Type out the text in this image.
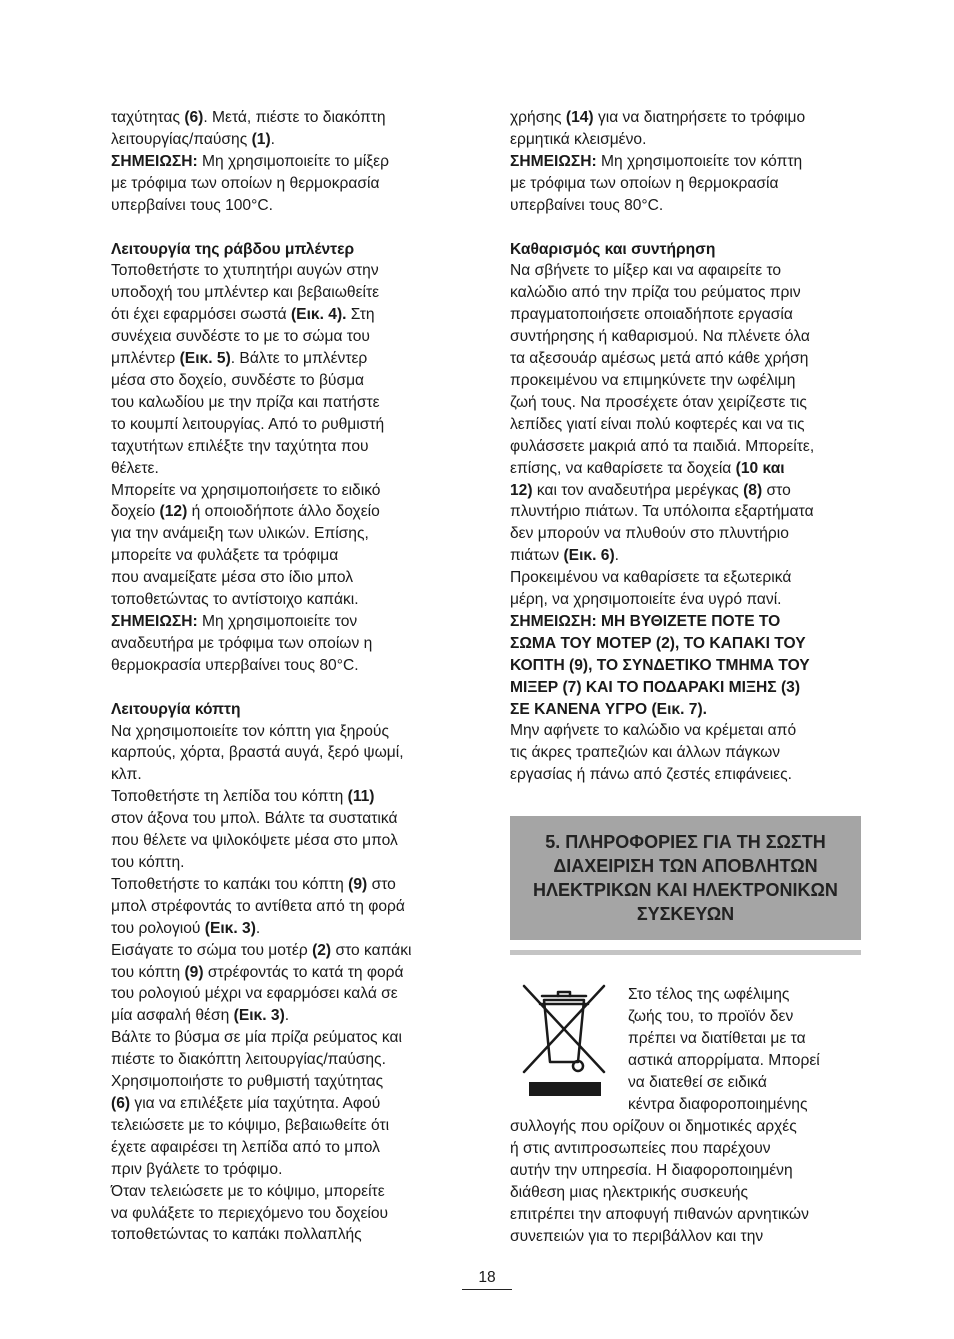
ταχύτητας (6). Μετά, πιέστε το διακόπτη
λειτουργίας/παύσης (1).
ΣΗΜΕΙΩΣΗ: Μη χρησιμοποιείτε το μίξερ
με τρόφιμα των οποίων η θερμοκρασία
υπερβαίνει τους 100°C.

Λειτουργία της ράβδου μπλέντερ

Τοποθετήστε το χτυπητήρι αυγών στην
υποδοχή του μπλέντερ και βεβαιωθείτε
ότι έχει εφαρμόσει σωστά (Εικ. 4). Στη
συνέχεια συνδέστε το με το σώμα του
μπλέντερ (Εικ. 5). Βάλτε το μπλέντερ
μέσα στο δοχείο, συνδέστε το βύσμα
του καλωδίου με την πρίζα και πατήστε
το κουμπί λειτουργίας. Από το ρυθμιστή
ταχυτήτων επιλέξτε την ταχύτητα που
θέλετε.
Μπορείτε να χρησιμοποιήσετε το ειδικό
δοχείο (12) ή οποιοδήποτε άλλο δοχείο
για την ανάμειξη των υλικών. Επίσης,
μπορείτε να φυλάξετε τα τρόφιμα
που αναμείξατε μέσα στο ίδιο μπολ
τοποθετώντας το αντίστοιχο καπάκι.
ΣΗΜΕΙΩΣΗ: Μη χρησιμοποιείτε τον
αναδευτήρα με τρόφιμα των οποίων η
θερμοκρασία υπερβαίνει τους 80°C.

Λειτουργία κόπτη

Να χρησιμοποιείτε τον κόπτη για ξηρούς
καρπούς, χόρτα, βραστά αυγά, ξερό ψωμί,
κλπ.
Τοποθετήστε τη λεπίδα του κόπτη (11)
στον άξονα του μπολ. Βάλτε τα συστατικά
που θέλετε να ψιλοκόψετε μέσα στο μπολ
του κόπτη.
Τοποθετήστε το καπάκι του κόπτη (9) στο
μπολ στρέφοντάς το αντίθετα από τη φορά
του ρολογιού (Εικ. 3).
Εισάγατε το σώμα του μοτέρ (2) στο καπάκι
του κόπτη (9) στρέφοντάς το κατά τη φορά
του ρολογιού μέχρι να εφαρμόσει καλά σε
μία ασφαλή θέση (Εικ. 3).
Βάλτε το βύσμα σε μία πρίζα ρεύματος και
πιέστε το διακόπτη λειτουργίας/παύσης.
Χρησιμοποιήστε το ρυθμιστή ταχύτητας
(6) για να επιλέξετε μία ταχύτητα. Αφού
τελειώσετε με το κόψιμο, βεβαιωθείτε ότι
έχετε αφαιρέσει τη λεπίδα από το μπολ
πριν βγάλετε το τρόφιμο.
Όταν τελειώσετε με το κόψιμο, μπορείτε
να φυλάξετε το περιεχόμενο του δοχείου
τοποθετώντας το καπάκι πολλαπλής

χρήσης (14) για να διατηρήσετε το τρόφιμο
ερμητικά κλεισμένο.
ΣΗΜΕΙΩΣΗ: Μη χρησιμοποιείτε τον κόπτη
με τρόφιμα των οποίων η θερμοκρασία
υπερβαίνει τους 80°C.

Καθαρισμός και συντήρηση

Να σβήνετε το μίξερ και να αφαιρείτε το
καλώδιο από την πρίζα του ρεύματος πριν
πραγματοποιήσετε οποιαδήποτε εργασία
συντήρησης ή καθαρισμού. Να πλένετε όλα
τα αξεσουάρ αμέσως μετά από κάθε χρήση
προκειμένου να επιμηκύνετε την ωφέλιμη
ζωή τους. Να προσέχετε όταν χειρίζεστε τις
λεπίδες γιατί είναι πολύ κοφτερές και να τις
φυλάσσετε μακριά από τα παιδιά. Μπορείτε,
επίσης, να καθαρίσετε τα δοχεία (10 και
12) και τον αναδευτήρα μερέγκας (8) στο
πλυντήριο πιάτων. Τα υπόλοιπα εξαρτήματα
δεν μπορούν να πλυθούν στο πλυντήριο
πιάτων (Εικ. 6).
Προκειμένου να καθαρίσετε τα εξωτερικά
μέρη, να χρησιμοποιείτε ένα υγρό πανί.
ΣΗΜΕΙΩΣΗ: ΜΗ ΒΥΘΙΖΕΤΕ ΠΟΤΕ ΤΟ
ΣΩΜΑ ΤΟΥ ΜΟΤΕΡ (2), ΤΟ ΚΑΠΑΚΙ ΤΟΥ
ΚΟΠΤΗ (9), ΤΟ ΣΥΝΔΕΤΙΚΟ ΤΜΗΜΑ ΤΟΥ
ΜΙΞΕΡ (7) ΚΑΙ ΤΟ ΠΟΔΑΡΑΚΙ ΜΙΞΗΣ (3)
ΣΕ ΚΑΝΕΝΑ ΥΓΡΟ (Εικ. 7).
Μην αφήνετε το καλώδιο να κρέμεται από
τις άκρες τραπεζιών και άλλων πάγκων
εργασίας ή πάνω από ζεστές επιφάνειες.

5. ΠΛΗΡΟΦΟΡΙΕΣ ΓΙΑ ΤΗ ΣΩΣΤΗ
ΔΙΑΧΕΙΡΙΣΗ ΤΩΝ ΑΠΟΒΛΗΤΩΝ
ΗΛΕΚΤΡΙΚΩΝ ΚΑΙ ΗΛΕΚΤΡΟΝΙΚΩΝ
ΣΥΣΚΕΥΩΝ

Στο τέλος της ωφέλιμης
ζωής του, το προϊόν δεν
πρέπει να διατίθεται με τα
αστικά απορρίματα. Μπορεί
να διατεθεί σε ειδικά
κέντρα διαφοροποιημένης

συλλογής που ορίζουν οι δημοτικές αρχές
ή στις αντιπροσωπείες που παρέχουν
αυτήν την υπηρεσία. Η διαφοροποιημένη
διάθεση μιας ηλεκτρικής συσκευής
επιτρέπει την αποφυγή πιθανών αρνητικών
συνεπειών για το περιβάλλον και την

18
